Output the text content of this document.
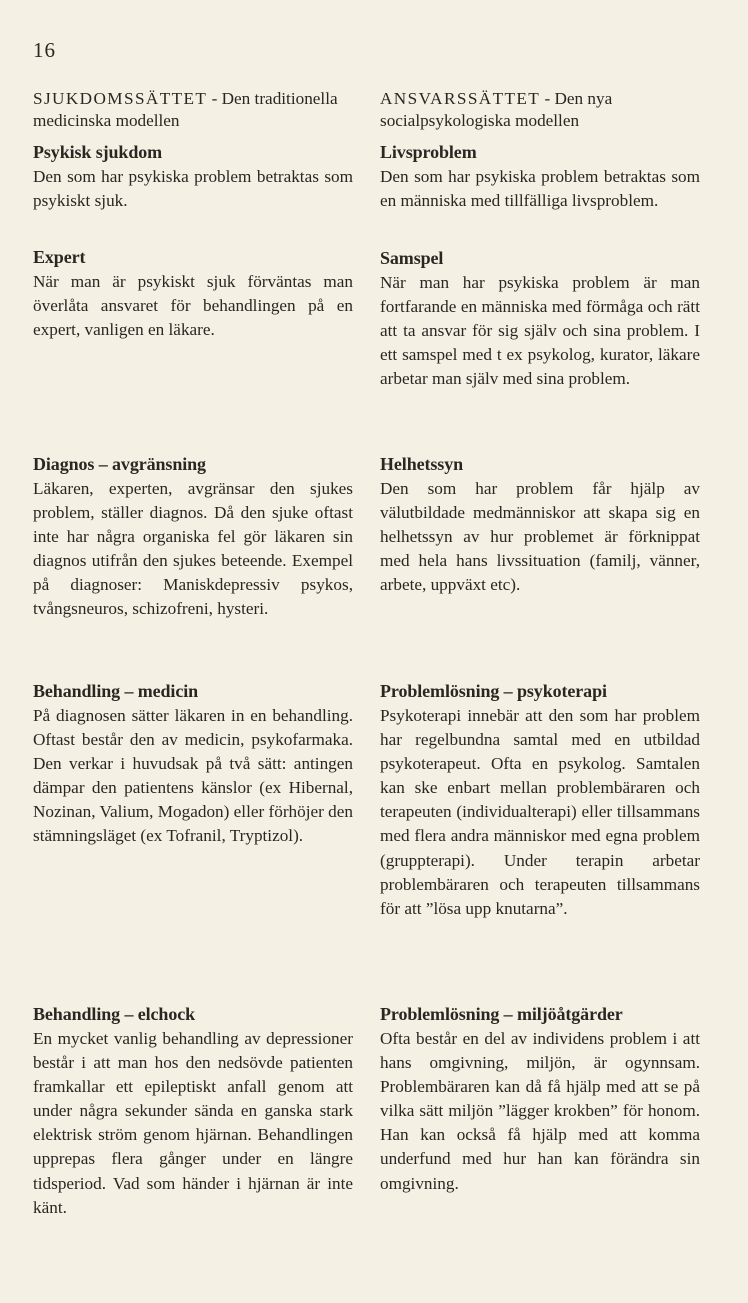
16
SJUKDOMSSÄTTET - Den traditionella medicinska modellen
Psykisk sjukdom

Den som har psykiska problem betraktas som psykiskt sjuk.

Expert

När man är psykiskt sjuk förväntas man överlåta ansvaret för behandlingen på en expert, vanligen en läkare.

Diagnos – avgränsning

Läkaren, experten, avgränsar den sjukes problem, ställer diagnos. Då den sjuke oftast inte har några organiska fel gör läkaren sin diagnos utifrån den sjukes beteende. Exempel på diagnoser: Maniskdepressiv psykos, tvångsneuros, schizofreni, hysteri.

Behandling – medicin

På diagnosen sätter läkaren in en behandling. Oftast består den av medicin, psykofarmaka. Den verkar i huvudsak på två sätt: antingen dämpar den patientens känslor (ex Hibernal, Nozinan, Valium, Mogadon) eller förhöjer den stämningsläget (ex Tofranil, Tryptizol).

Behandling – elchock

En mycket vanlig behandling av depressioner består i att man hos den nedsövde patienten framkallar ett epileptiskt anfall genom att under några sekunder sända en ganska stark elektrisk ström genom hjärnan. Behandlingen upprepas flera gånger under en längre tidsperiod. Vad som händer i hjärnan är inte känt.

ANSVARSSÄTTET - Den nya socialpsykologiska modellen
Livsproblem

Den som har psykiska problem betraktas som en människa med tillfälliga livsproblem.

Samspel

När man har psykiska problem är man fortfarande en människa med förmåga och rätt att ta ansvar för sig själv och sina problem. I ett samspel med t ex psykolog, kurator, läkare arbetar man själv med sina problem.

Helhetssyn

Den som har problem får hjälp av välutbildade medmänniskor att skapa sig en helhetssyn av hur problemet är förknippat med hela hans livssituation (familj, vänner, arbete, uppväxt etc).

Problemlösning – psykoterapi

Psykoterapi innebär att den som har problem har regelbundna samtal med en utbildad psykoterapeut. Ofta en psykolog. Samtalen kan ske enbart mellan problembäraren och terapeuten (individualterapi) eller tillsammans med flera andra människor med egna problem (gruppterapi). Under terapin arbetar problembäraren och terapeuten tillsammans för att ”lösa upp knutarna”.

Problemlösning – miljöåtgärder

Ofta består en del av individens problem i att hans omgivning, miljön, är ogynnsam. Problembäraren kan då få hjälp med att se på vilka sätt miljön ”lägger krokben” för honom. Han kan också få hjälp med att komma underfund med hur han kan förändra sin omgivning.
